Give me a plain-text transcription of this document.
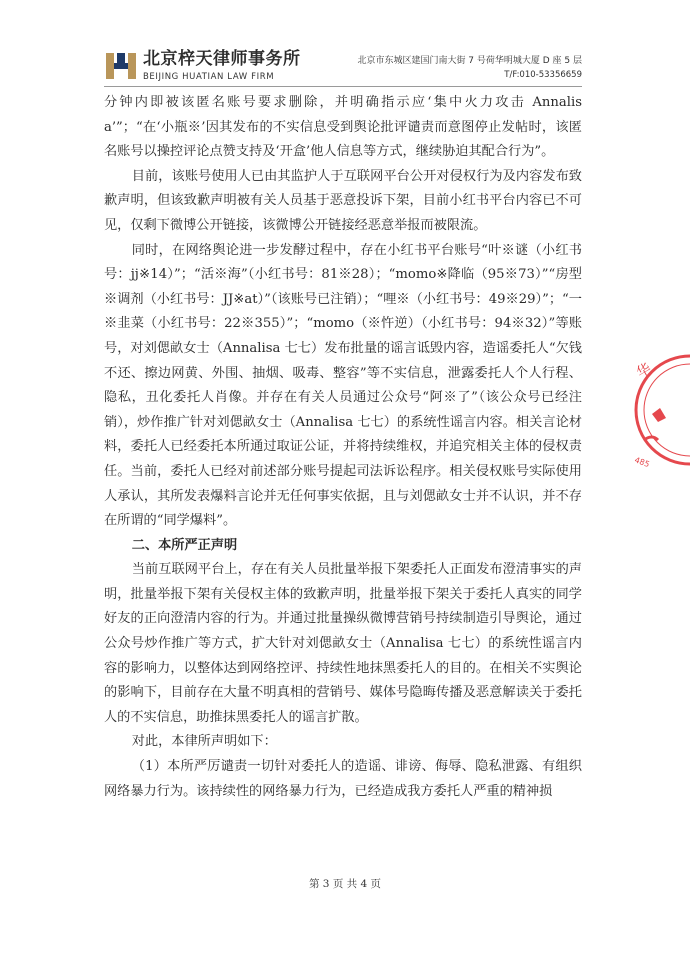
北京梓天律师事务所
BEIJING HUATIAN LAW FIRM
北京市东城区建国门南大街 7 号荷华明城大厦 D 座 5 层
T/F:010-53356659

分钟内即被该匿名账号要求删除，并明确指示应‘集中火力攻击 Annalisa’”；“在‘小瓶※’因其发布的不实信息受到舆论批评谴责而意图停止发帖时，该匿名账号以操控评论点赞支持及‘开盒’他人信息等方式，继续胁迫其配合行为”。

目前，该账号使用人已由其监护人于互联网平台公开对侵权行为及内容发布致歉声明，但该致歉声明被有关人员基于恶意投诉下架，目前小红书平台内容已不可见，仅剩下微博公开链接，该微博公开链接经恶意举报而被限流。

同时，在网络舆论进一步发酵过程中，存在小红书平台账号“叶※谜（小红书号：jj※14）”；“活※海”（小红书号：81※28）；“momo※降临（95※73）”“房型※调剂（小红书号：JJ※at）”（该账号已注销）；“哩※（小红书号：49※29）”；“一※韭菜（小红书号：22※355）”；“momo（※忤逆）（小红书号：94※32）”等账号，对刘偲畝女士（Annalisa 七七）发布批量的谣言诋毁内容，造谣委托人“欠钱不还、擦边网黄、外围、抽烟、吸毒、整容”等不实信息，泄露委托人个人行程、隐私，丑化委托人肖像。并存在有关人员通过公众号“阿※了”（该公众号已经注销），炒作推广针对刘偲畝女士（Annalisa 七七）的系统性谣言内容。相关言论材料，委托人已经委托本所通过取证公证，并将持续维权，并追究相关主体的侵权责任。当前，委托人已经对前述部分账号提起司法诉讼程序。相关侵权账号实际使用人承认，其所发表爆料言论并无任何事实依据，且与刘偲畝女士并不认识，并不存在所谓的“同学爆料”。

二、本所严正声明

当前互联网平台上，存在有关人员批量举报下架委托人正面发布澄清事实的声明，批量举报下架有关侵权主体的致歉声明，批量举报下架关于委托人真实的同学好友的正向澄清内容的行为。并通过批量操纵微博营销号持续制造引导舆论，通过公众号炒作推广等方式，扩大针对刘偲畝女士（Annalisa 七七）的系统性谣言内容的影响力，以整体达到网络控评、持续性地抹黑委托人的目的。在相关不实舆论的影响下，目前存在大量不明真相的营销号、媒体号隐晦传播及恶意解读关于委托人的不实信息，助推抹黑委托人的谣言扩散。

对此，本律所声明如下：

（1）本所严厉谴责一切针对委托人的造谣、诽谤、侮辱、隐私泄露、有组织网络暴力行为。该持续性的网络暴力行为，已经造成我方委托人严重的精神损

第 3 页 共 4 页
华
485
